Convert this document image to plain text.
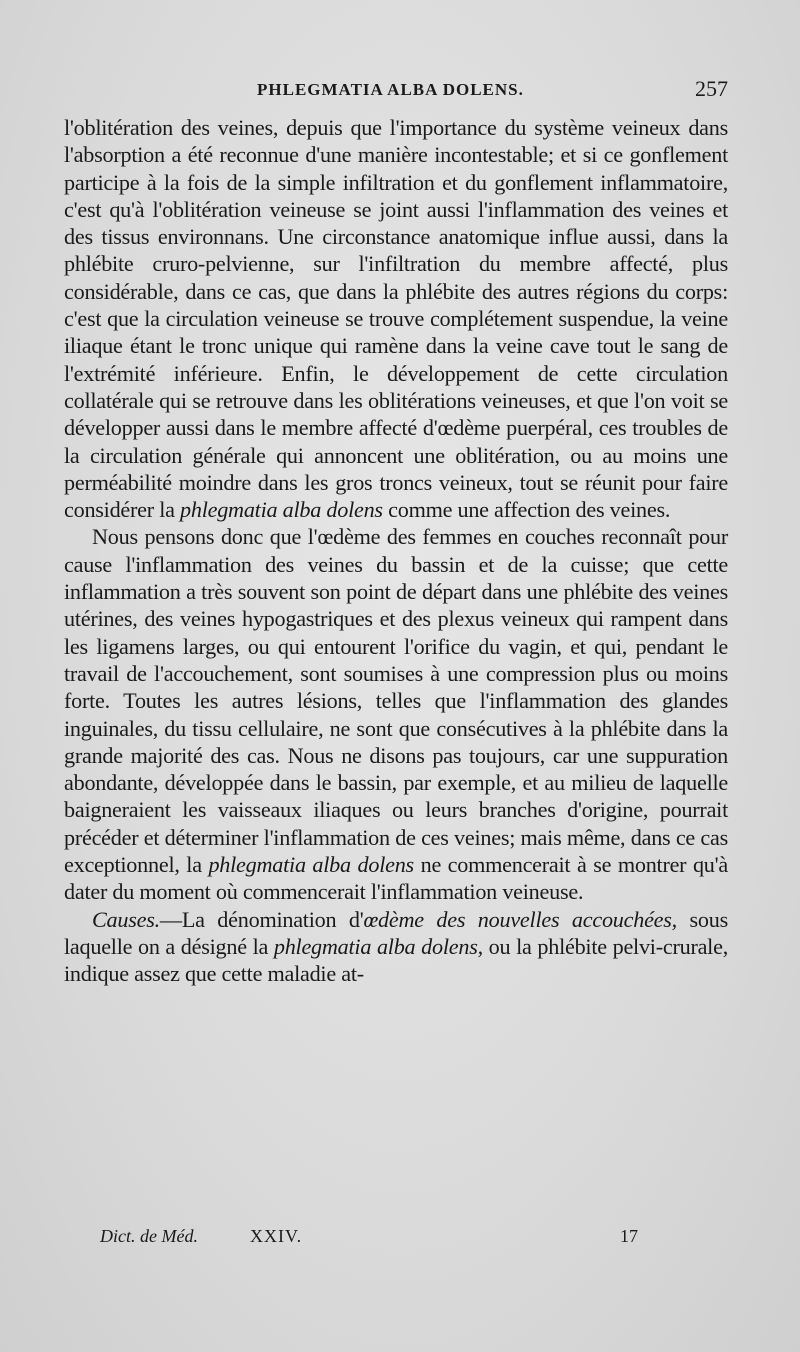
PHLEGMATIA ALBA DOLENS.	257

l'oblitération des veines, depuis que l'importance du système veineux dans l'absorption a été reconnue d'une manière incontestable; et si ce gonflement participe à la fois de la simple infiltration et du gonflement inflammatoire, c'est qu'à l'oblitération veineuse se joint aussi l'inflammation des veines et des tissus environnans. Une circonstance anatomique influe aussi, dans la phlébite cruro-pelvienne, sur l'infiltration du membre affecté, plus considérable, dans ce cas, que dans la phlébite des autres régions du corps: c'est que la circulation veineuse se trouve complétement suspendue, la veine iliaque étant le tronc unique qui ramène dans la veine cave tout le sang de l'extrémité inférieure. Enfin, le développement de cette circulation collatérale qui se retrouve dans les oblitérations veineuses, et que l'on voit se développer aussi dans le membre affecté d'œdème puerpéral, ces troubles de la circulation générale qui annoncent une oblitération, ou au moins une perméabilité moindre dans les gros troncs veineux, tout se réunit pour faire considérer la phlegmatia alba dolens comme une affection des veines.

Nous pensons donc que l'œdème des femmes en couches reconnaît pour cause l'inflammation des veines du bassin et de la cuisse; que cette inflammation a très souvent son point de départ dans une phlébite des veines utérines, des veines hypogastriques et des plexus veineux qui rampent dans les ligamens larges, ou qui entourent l'orifice du vagin, et qui, pendant le travail de l'accouchement, sont soumises à une compression plus ou moins forte. Toutes les autres lésions, telles que l'inflammation des glandes inguinales, du tissu cellulaire, ne sont que consécutives à la phlébite dans la grande majorité des cas. Nous ne disons pas toujours, car une suppuration abondante, développée dans le bassin, par exemple, et au milieu de laquelle baigneraient les vaisseaux iliaques ou leurs branches d'origine, pourrait précéder et déterminer l'inflammation de ces veines; mais même, dans ce cas exceptionnel, la phlegmatia alba dolens ne commencerait à se montrer qu'à dater du moment où commencerait l'inflammation veineuse.

Causes.—La dénomination d'œdème des nouvelles accouchées, sous laquelle on a désigné la phlegmatia alba dolens, ou la phlébite pelvi-crurale, indique assez que cette maladie at-

Dict. de Méd.	XXIV.	17
